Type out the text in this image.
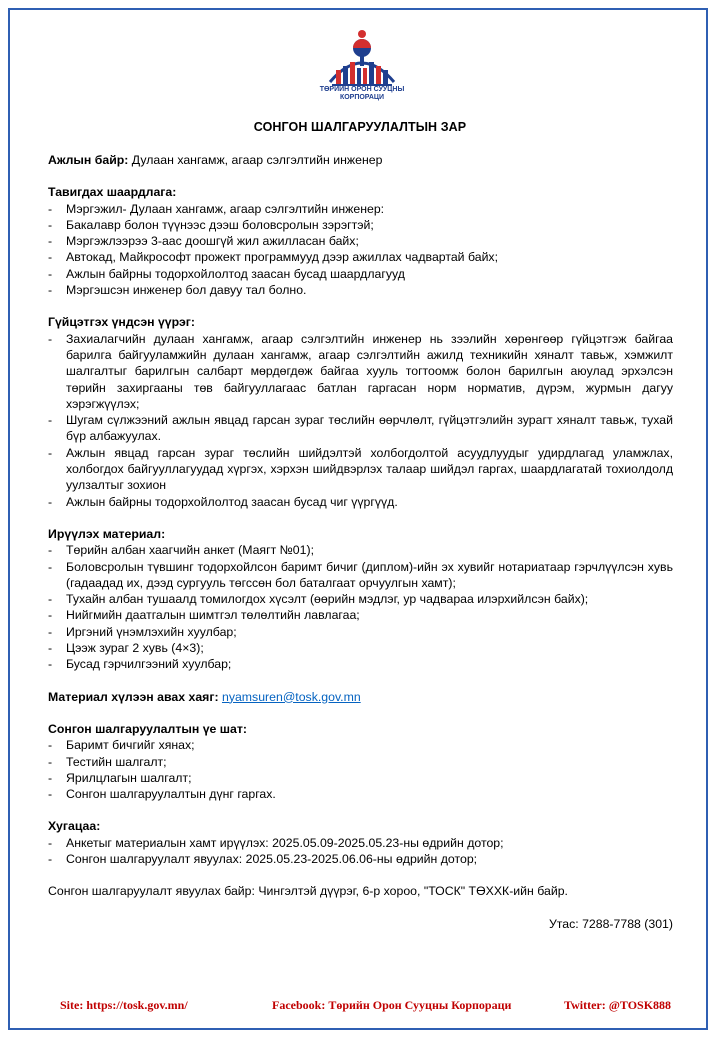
ТӨРИЙН ОРОН СУУЦНЫ
КОРПОРАЦИ
СОНГОН ШАЛГАРУУЛАЛТЫН ЗАР

Ажлын байр: Дулаан хангамж, агаар сэлгэлтийн инженер

Тавигдах шаардлага:

- Мэргэжил- Дулаан хангамж, агаар сэлгэлтийн инженер:
- Бакалавр болон түүнээс дээш боловсролын зэрэгтэй;
- Мэргэжлээрээ 3-аас доошгүй жил ажилласан байх;
- Автокад, Майкрософт прожект программууд дээр ажиллах чадвартай байх;
- Ажлын байрны тодорхойлолтод заасан бусад шаардлагууд
- Мэргэшсэн инженер бол давуу тал болно.

Гүйцэтгэх үндсэн үүрэг:

- Захиалагчийн дулаан хангамж, агаар сэлгэлтийн инженер нь зээлийн хөрөнгөөр гүйцэтгэж байгаа барилга байгууламжийн дулаан хангамж, агаар сэлгэлтийн ажилд техникийн хяналт тавьж, хэмжилт шалгалтыг барилгын салбарт мөрдөгдөж байгаа хууль тогтоомж болон барилгын аюулад эрхэлсэн төрийн захиргааны төв байгууллагаас батлан гаргасан норм норматив, дүрэм, журмын дагуу хэрэгжүүлэх;
- Шугам сүлжээний ажлын явцад гарсан зураг төслийн өөрчлөлт, гүйцэтгэлийн зурагт хяналт тавьж, тухай бүр албажуулах.
- Ажлын явцад гарсан зураг төслийн шийдэлтэй холбогдолтой асуудлуудыг удирдлагад уламжлах, холбогдох байгууллагуудад хүргэх, хэрхэн шийдвэрлэх талаар шийдэл гаргах, шаардлагатай тохиолдолд уулзалтыг зохион
- Ажлын байрны тодорхойлолтод заасан бусад чиг үүргүүд.

Ирүүлэх материал:

- Төрийн албан хаагчийн анкет (Маягт №01);
- Боловсролын түвшинг тодорхойлсон баримт бичиг (диплом)-ийн эх хувийг нотариатаар гэрчлүүлсэн хувь (гадаадад их, дээд сургууль төгссөн бол баталгаат орчуулгын хамт);
- Тухайн албан тушаалд томилогдох хүсэлт (өөрийн мэдлэг, ур чадвараа илэрхийлсэн байх);
- Нийгмийн даатгалын шимтгэл төлөлтийн лавлагаа;
- Иргэний үнэмлэхийн хуулбар;
- Цээж зураг 2 хувь (4×3);
- Бусад гэрчилгээний хуулбар;

Материал хүлээн авах хаяг: nyamsuren@tosk.gov.mn

Сонгон шалгаруулалтын үе шат:

- Баримт бичгийг хянах;
- Тестийн шалгалт;
- Ярилцлагын шалгалт;
- Сонгон шалгаруулалтын дүнг гаргах.

Хугацаа:

- Анкетыг материалын хамт ирүүлэх: 2025.05.09-2025.05.23-ны өдрийн дотор;
- Сонгон шалгаруулалт явуулах: 2025.05.23-2025.06.06-ны өдрийн дотор;

Сонгон шалгаруулалт явуулах байр: Чингэлтэй дүүрэг, 6-р хороо, "ТОСК" ТӨХХК-ийн байр.

Утас: 7288-7788 (301)

Site: https://tosk.gov.mn/	Facebook: Төрийн Орон Сууцны Корпораци	Twitter: @TOSK888
